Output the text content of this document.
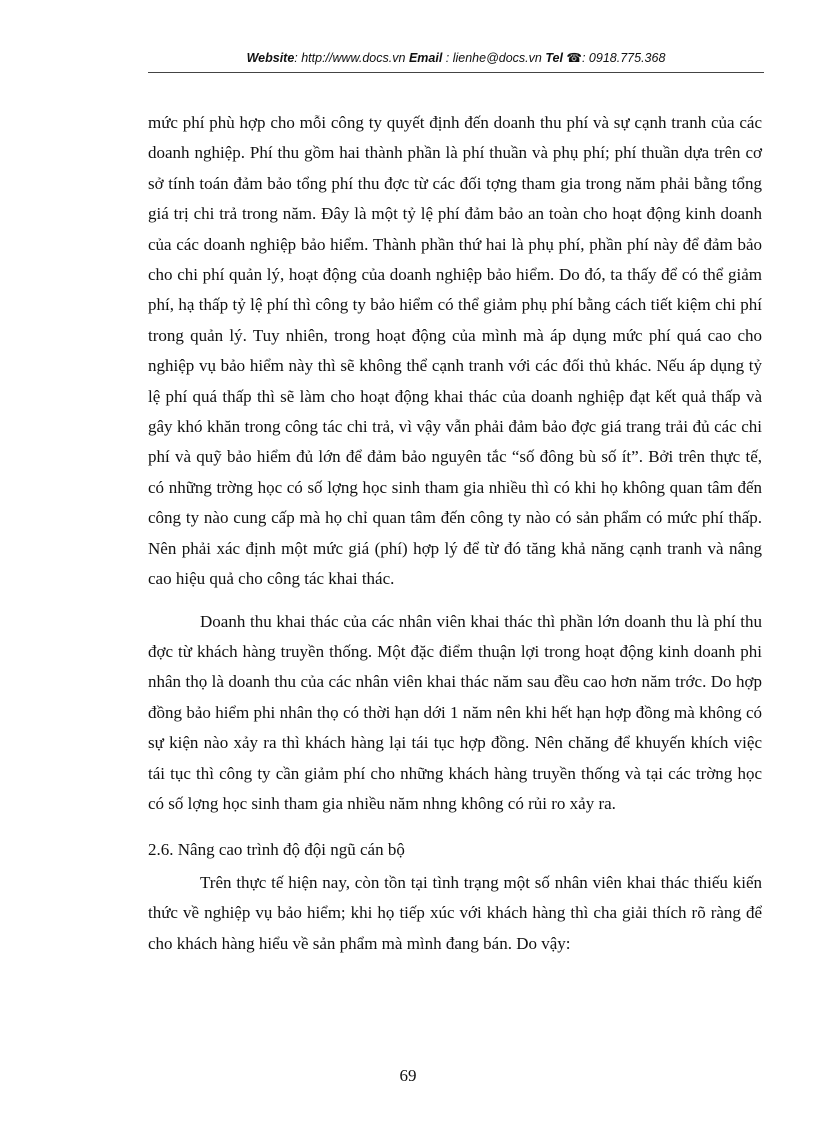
Website: http://www.docs.vn Email : lienhe@docs.vn Tel ☎: 0918.775.368

mức phí phù hợp cho mỗi công ty quyết định đến doanh thu phí và sự cạnh tranh của các doanh nghiệp. Phí thu gồm hai thành phần là phí thuần và phụ phí; phí thuần dựa trên cơ sở tính toán đảm bảo tổng phí thu đợc từ các đối tợng tham gia trong năm phải bằng tổng giá trị chi trả trong năm. Đây là một tỷ lệ phí đảm bảo an toàn cho hoạt động kinh doanh của các doanh nghiệp bảo hiểm. Thành phần thứ hai là phụ phí, phần phí này để đảm bảo cho chi phí quản lý, hoạt động của doanh nghiệp bảo hiểm. Do đó, ta thấy để có thể giảm phí, hạ thấp tỷ lệ phí thì công ty bảo hiểm có thể giảm phụ phí bằng cách tiết kiệm chi phí trong quản lý. Tuy nhiên, trong hoạt động của mình mà áp dụng mức phí quá cao cho nghiệp vụ bảo hiểm này thì sẽ không thể cạnh tranh với các đối thủ khác. Nếu áp dụng tỷ lệ phí quá thấp thì sẽ làm cho hoạt động khai thác của doanh nghiệp đạt kết quả thấp và gây khó khăn trong công tác chi trả, vì vậy vẫn phải đảm bảo đợc giá trang trải đủ các chi phí và quỹ bảo hiểm đủ lớn để đảm bảo nguyên tắc “số đông bù số ít”. Bởi trên thực tế, có những trờng học có số lợng học sinh tham gia nhiều thì có khi họ không quan tâm đến công ty nào cung cấp mà họ chỉ quan tâm đến công ty nào có sản phẩm có mức phí thấp. Nên phải xác định một mức giá (phí) hợp lý để từ đó tăng khả năng cạnh tranh và nâng cao hiệu quả cho công tác khai thác.

Doanh thu khai thác của các nhân viên khai thác thì phần lớn doanh thu là phí thu đợc từ khách hàng truyền thống. Một đặc điểm thuận lợi trong hoạt động kinh doanh phi nhân thọ là doanh thu của các nhân viên khai thác năm sau đều cao hơn năm trớc. Do hợp đồng bảo hiểm phi nhân thọ có thời hạn dới 1 năm nên khi hết hạn hợp đồng mà không có sự kiện nào xảy ra thì khách hàng lại tái tục hợp đồng. Nên chăng để khuyến khích việc tái tục thì công ty cần giảm phí cho những khách hàng truyền thống và tại các trờng học có số lợng học sinh tham gia nhiều năm nhng không có rủi ro xảy ra.

2.6. Nâng cao trình độ đội ngũ cán bộ

Trên thực tế hiện nay, còn tồn tại tình trạng một số nhân viên khai thác thiếu kiến thức về nghiệp vụ bảo hiểm; khi họ tiếp xúc với khách hàng thì cha giải thích rõ ràng để cho khách hàng hiểu về sản phẩm mà mình đang bán. Do vậy:

69
